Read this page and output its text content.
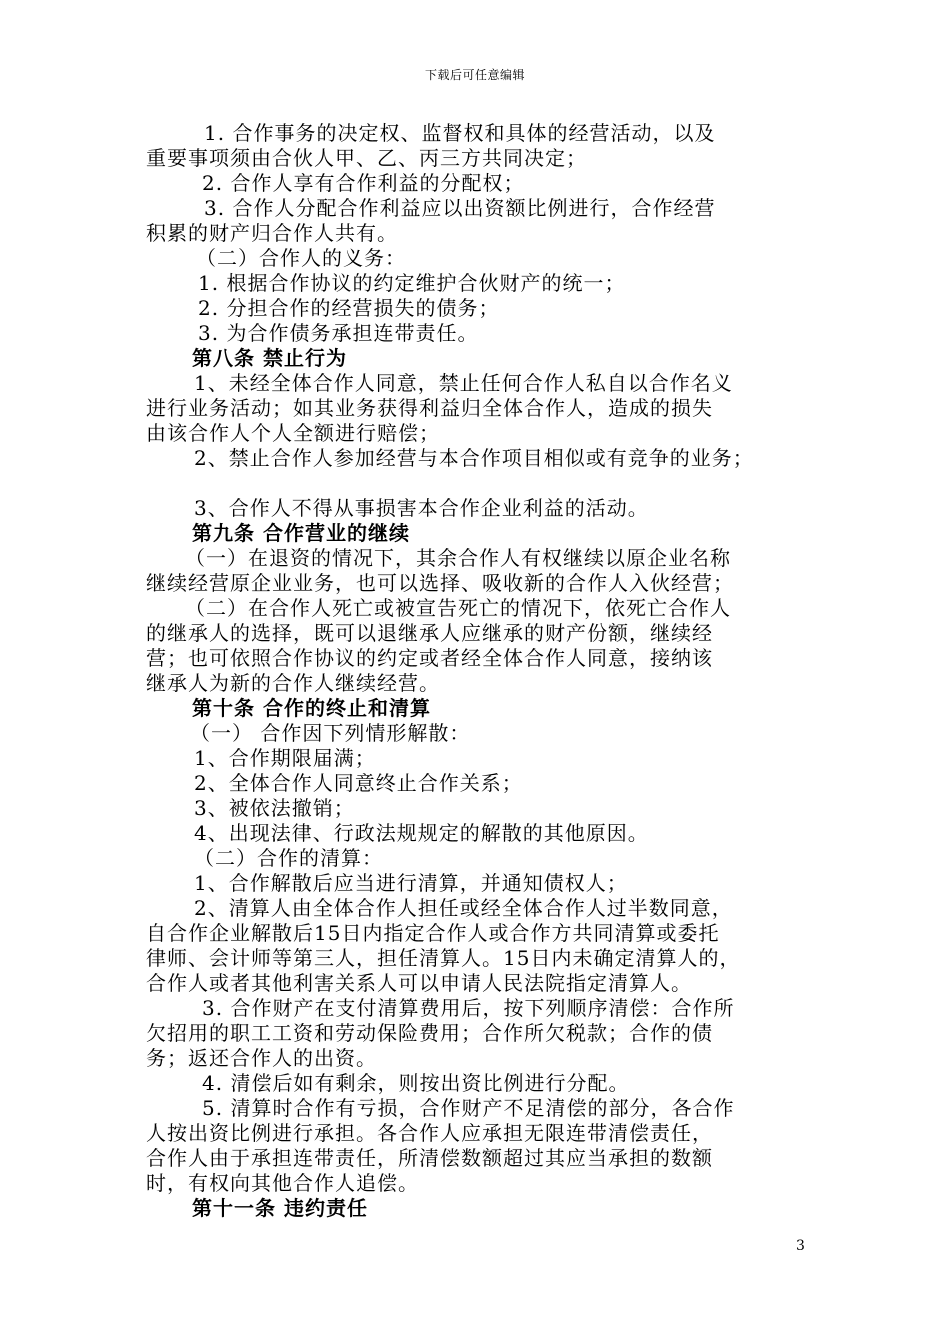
下载后可任意编辑

1. 合作事务的决定权、监督权和具体的经营活动，以及

重要事项须由合伙人甲、乙、丙三方共同决定；

2. 合作人享有合作利益的分配权；

3. 合作人分配合作利益应以出资额比例进行，合作经营

积累的财产归合作人共有。

（二）合作人的义务：

1. 根据合作协议的约定维护合伙财产的统一；

2. 分担合作的经营损失的债务；

3. 为合作债务承担连带责任。

第八条 禁止行为

1、未经全体合作人同意，禁止任何合作人私自以合作名义

进行业务活动；如其业务获得利益归全体合作人，造成的损失

由该合作人个人全额进行赔偿；

2、禁止合作人参加经营与本合作项目相似或有竞争的业务；

3、合作人不得从事损害本合作企业利益的活动。

第九条 合作营业的继续

（一）在退资的情况下，其余合作人有权继续以原企业名称

继续经营原企业业务，也可以选择、吸收新的合作人入伙经营；

（二）在合作人死亡或被宣告死亡的情况下，依死亡合作人

的继承人的选择，既可以退继承人应继承的财产份额，继续经

营；也可依照合作协议的约定或者经全体合作人同意，接纳该

继承人为新的合作人继续经营。

第十条 合作的终止和清算

（一） 合作因下列情形解散：

1、合作期限届满；

2、全体合作人同意终止合作关系；

3、被依法撤销；

4、出现法律、行政法规规定的解散的其他原因。

（二）合作的清算：

1、合作解散后应当进行清算，并通知债权人；

2、清算人由全体合作人担任或经全体合作人过半数同意，

自合作企业解散后15日内指定合作人或合作方共同清算或委托

律师、会计师等第三人，担任清算人。15日内未确定清算人的，

合作人或者其他利害关系人可以申请人民法院指定清算人。

3. 合作财产在支付清算费用后，按下列顺序清偿：合作所

欠招用的职工工资和劳动保险费用；合作所欠税款；合作的债

务；返还合作人的出资。

4. 清偿后如有剩余，则按出资比例进行分配。

5. 清算时合作有亏损，合作财产不足清偿的部分，各合作

人按出资比例进行承担。各合作人应承担无限连带清偿责任，

合作人由于承担连带责任，所清偿数额超过其应当承担的数额

时，有权向其他合作人追偿。

第十一条 违约责任

3
